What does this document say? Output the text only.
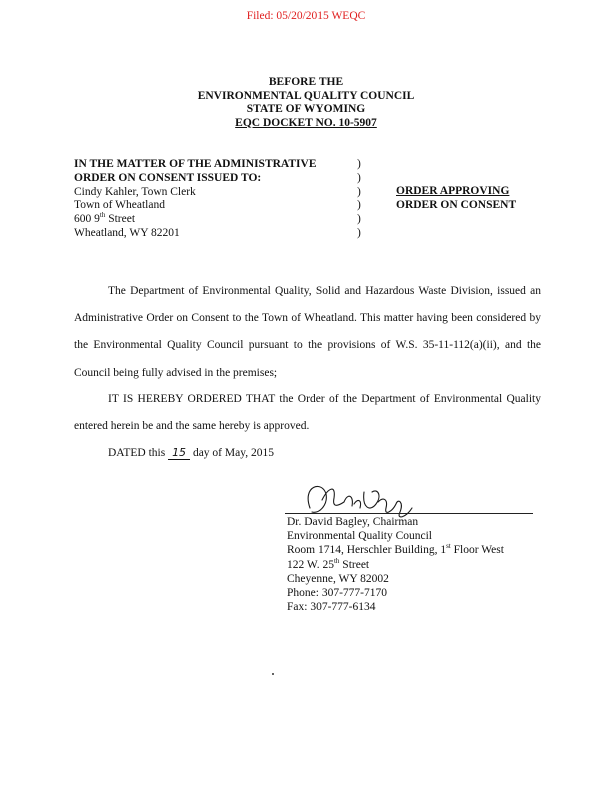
Filed: 05/20/2015 WEQC
BEFORE THE
ENVIRONMENTAL QUALITY COUNCIL
STATE OF WYOMING
EQC DOCKET NO. 10-5907
IN THE MATTER OF THE ADMINISTRATIVE
ORDER ON CONSENT ISSUED TO:
Cindy Kahler, Town Clerk
Town of Wheatland
600 9th Street
Wheatland, WY 82201
)
)
)
)
)
)
ORDER APPROVING
ORDER ON CONSENT
The Department of Environmental Quality, Solid and Hazardous Waste Division, issued an Administrative Order on Consent to the Town of Wheatland. This matter having been considered by the Environmental Quality Council pursuant to the provisions of W.S. 35-11-112(a)(ii), and the Council being fully advised in the premises;
IT IS HEREBY ORDERED THAT the Order of the Department of Environmental Quality entered herein be and the same hereby is approved.
DATED this 15 day of May, 2015
Dr. David Bagley, Chairman
Environmental Quality Council
Room 1714, Herschler Building, 1st Floor West
122 W. 25th Street
Cheyenne, WY 82002
Phone: 307-777-7170
Fax: 307-777-6134
